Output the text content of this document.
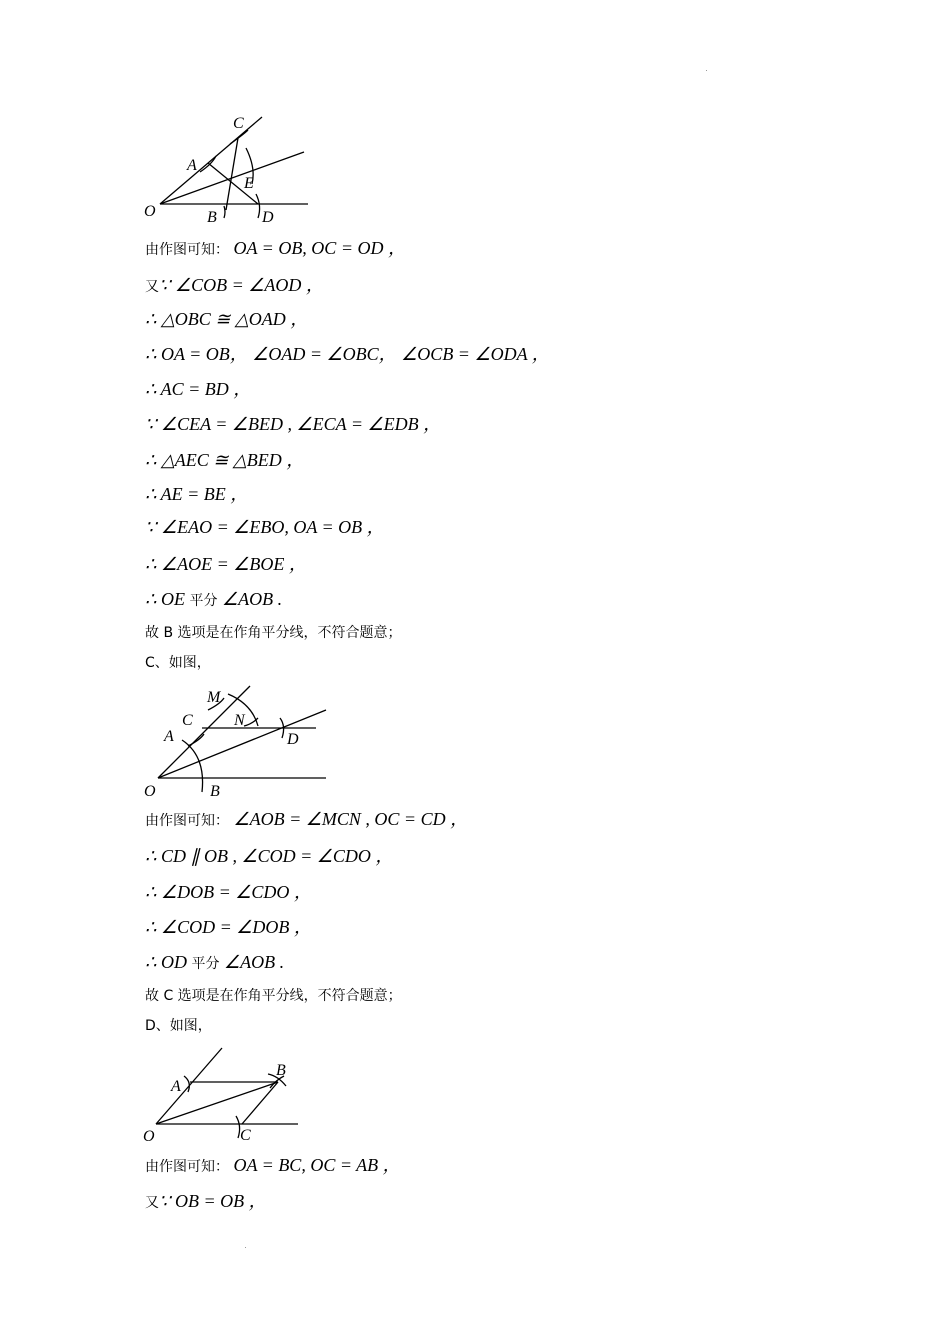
O
A
C
E
B	D
由作图可知： OA = OB, OC = OD ，
又∵ ∠COB = ∠AOD ，
∴ △OBC ≅ △OAD ，
∴ OA = OB， ∠OAD = ∠OBC， ∠OCB = ∠ODA ，
∴ AC = BD ，
∵ ∠CEA = ∠BED , ∠ECA = ∠EDB ，
∴ △AEC ≅ △BED ，
∴ AE = BE ，
∵ ∠EAO = ∠EBO, OA = OB ，
∴ ∠AOE = ∠BOE ，
∴ OE 平分 ∠AOB .
故 B 选项是在作角平分线，不符合题意；
C、如图，
M
C	N
A	D
O	B
由作图可知： ∠AOB = ∠MCN , OC = CD ，
∴ CD ∥ OB , ∠COD = ∠CDO ，
∴ ∠DOB = ∠CDO ，
∴ ∠COD = ∠DOB ，
∴ OD 平分 ∠AOB .
故 C 选项是在作角平分线，不符合题意；
D、如图，
A
B
O	C
由作图可知： OA = BC, OC = AB ，
又∵ OB = OB ，
